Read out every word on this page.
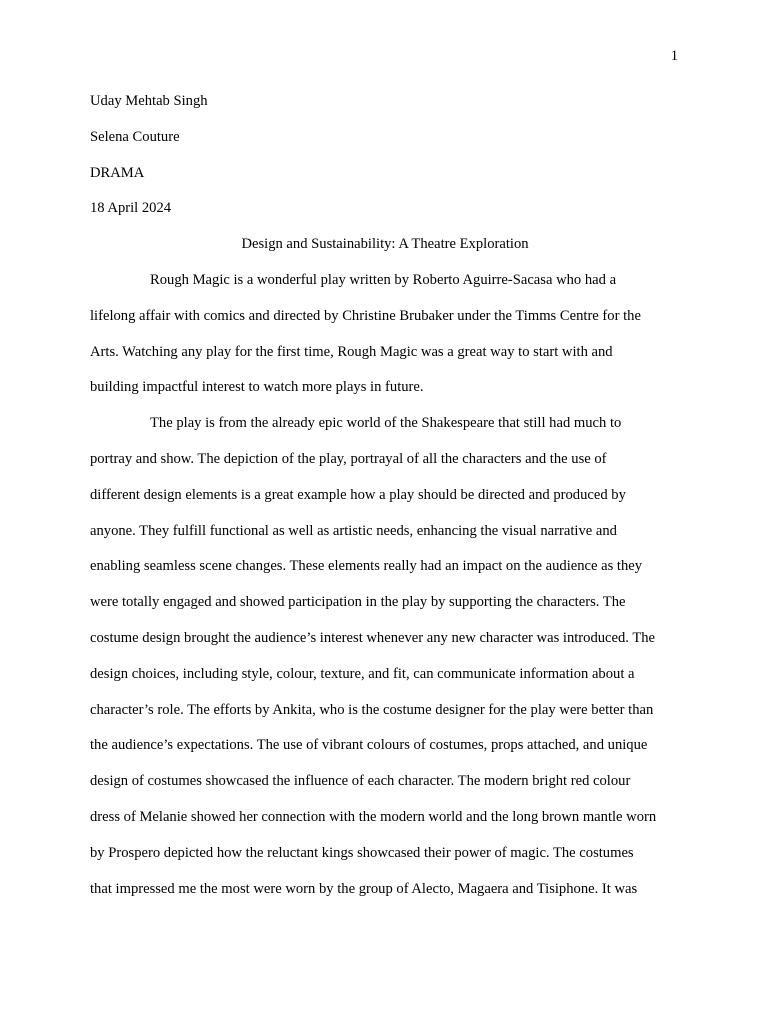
1

Uday Mehtab Singh

Selena Couture

DRAMA

18 April 2024

Design and Sustainability: A Theatre Exploration

Rough Magic is a wonderful play written by Roberto Aguirre-Sacasa who had a
lifelong affair with comics and directed by Christine Brubaker under the Timms Centre for the
Arts. Watching any play for the first time, Rough Magic was a great way to start with and
building impactful interest to watch more plays in future.

The play is from the already epic world of the Shakespeare that still had much to
portray and show. The depiction of the play, portrayal of all the characters and the use of
different design elements is a great example how a play should be directed and produced by
anyone. They fulfill functional as well as artistic needs, enhancing the visual narrative and
enabling seamless scene changes. These elements really had an impact on the audience as they
were totally engaged and showed participation in the play by supporting the characters. The
costume design brought the audience’s interest whenever any new character was introduced. The
design choices, including style, colour, texture, and fit, can communicate information about a
character’s role. The efforts by Ankita, who is the costume designer for the play were better than
the audience’s expectations. The use of vibrant colours of costumes, props attached, and unique
design of costumes showcased the influence of each character. The modern bright red colour
dress of Melanie showed her connection with the modern world and the long brown mantle worn
by Prospero depicted how the reluctant kings showcased their power of magic. The costumes
that impressed me the most were worn by the group of Alecto, Magaera and Tisiphone. It was
